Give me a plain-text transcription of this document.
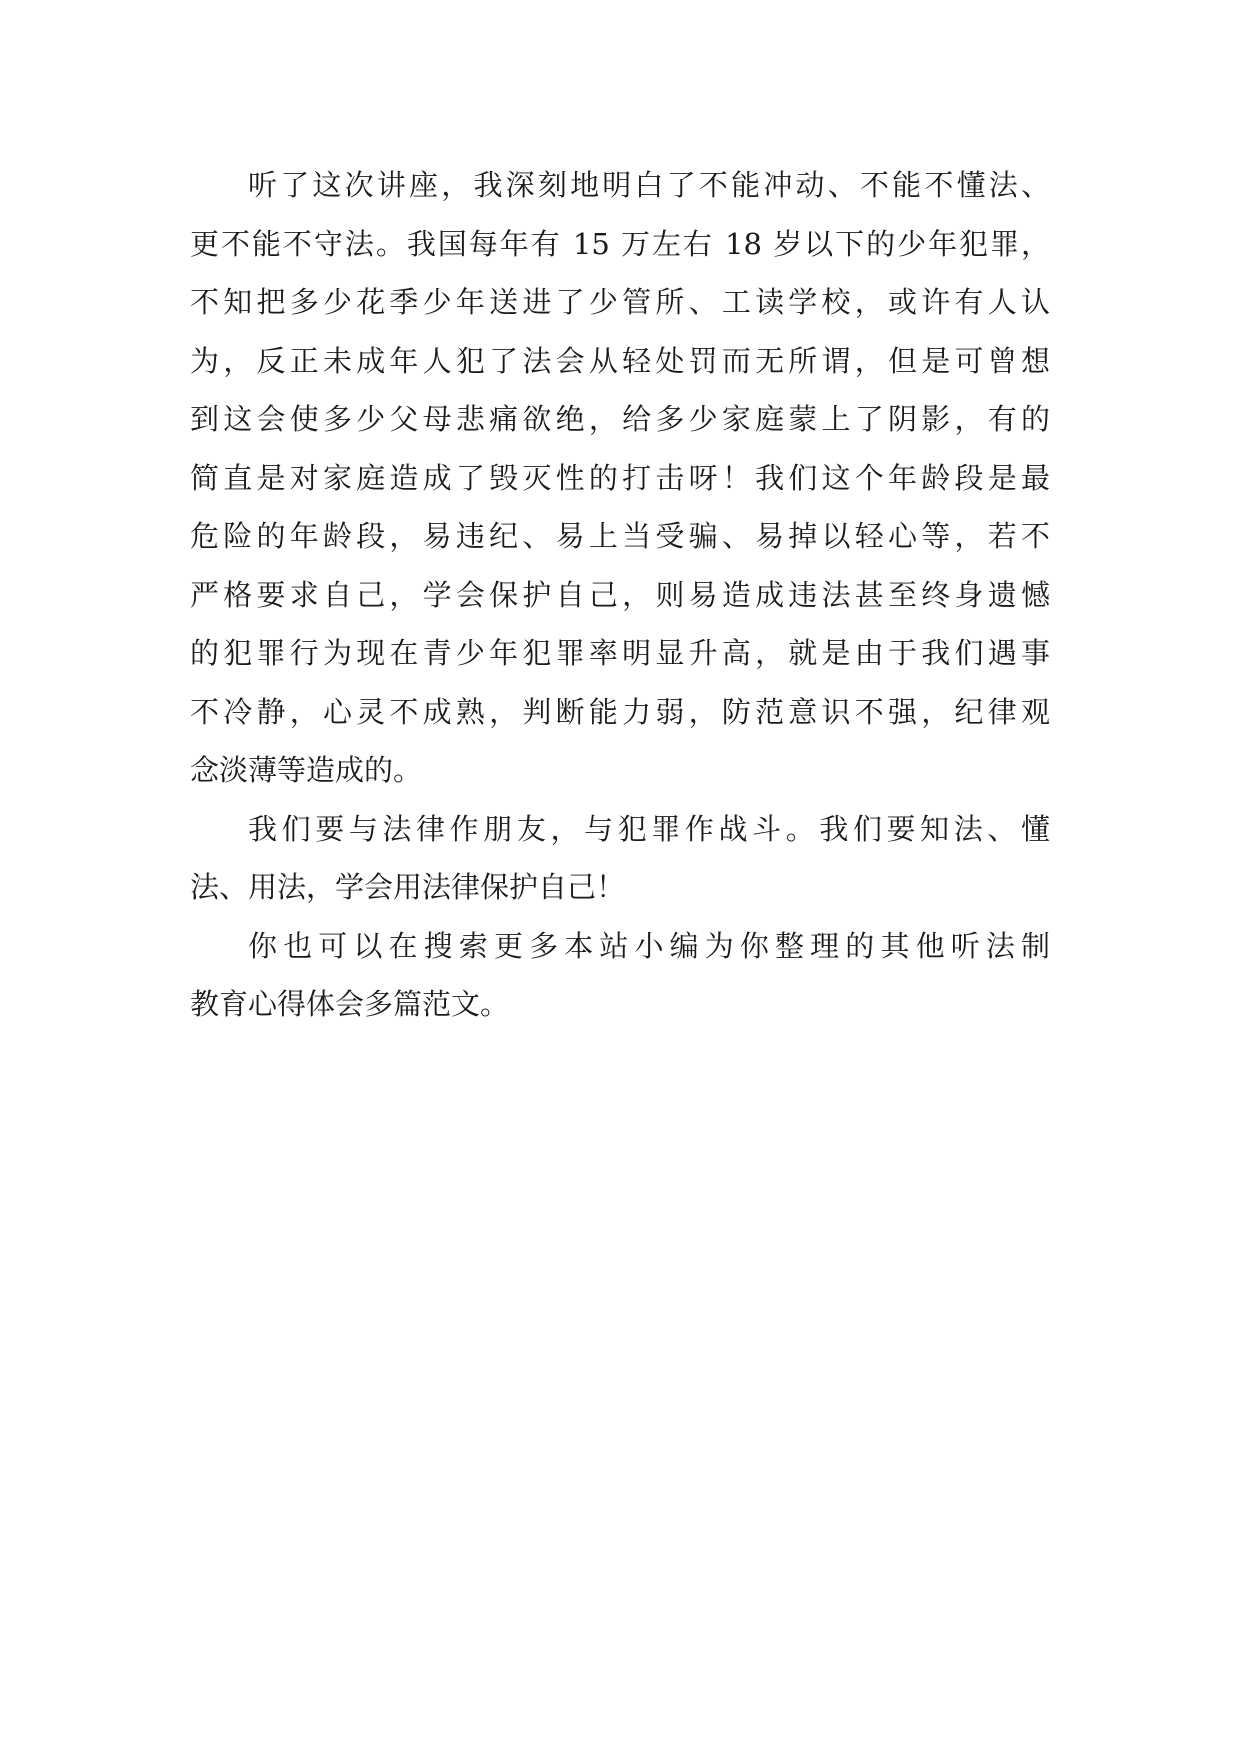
听了这次讲座，我深刻地明白了不能冲动、不能不懂法、
更不能不守法。我国每年有 15 万左右 18 岁以下的少年犯罪，
不知把多少花季少年送进了少管所、工读学校，或许有人认
为，反正未成年人犯了法会从轻处罚而无所谓，但是可曾想
到这会使多少父母悲痛欲绝，给多少家庭蒙上了阴影，有的
简直是对家庭造成了毁灭性的打击呀！我们这个年龄段是最
危险的年龄段，易违纪、易上当受骗、易掉以轻心等，若不
严格要求自己，学会保护自己，则易造成违法甚至终身遗憾
的犯罪行为现在青少年犯罪率明显升高，就是由于我们遇事
不冷静，心灵不成熟，判断能力弱，防范意识不强，纪律观
念淡薄等造成的。
我们要与法律作朋友，与犯罪作战斗。我们要知法、懂
法、用法，学会用法律保护自己！
你也可以在搜索更多本站小编为你整理的其他听法制
教育心得体会多篇范文。
